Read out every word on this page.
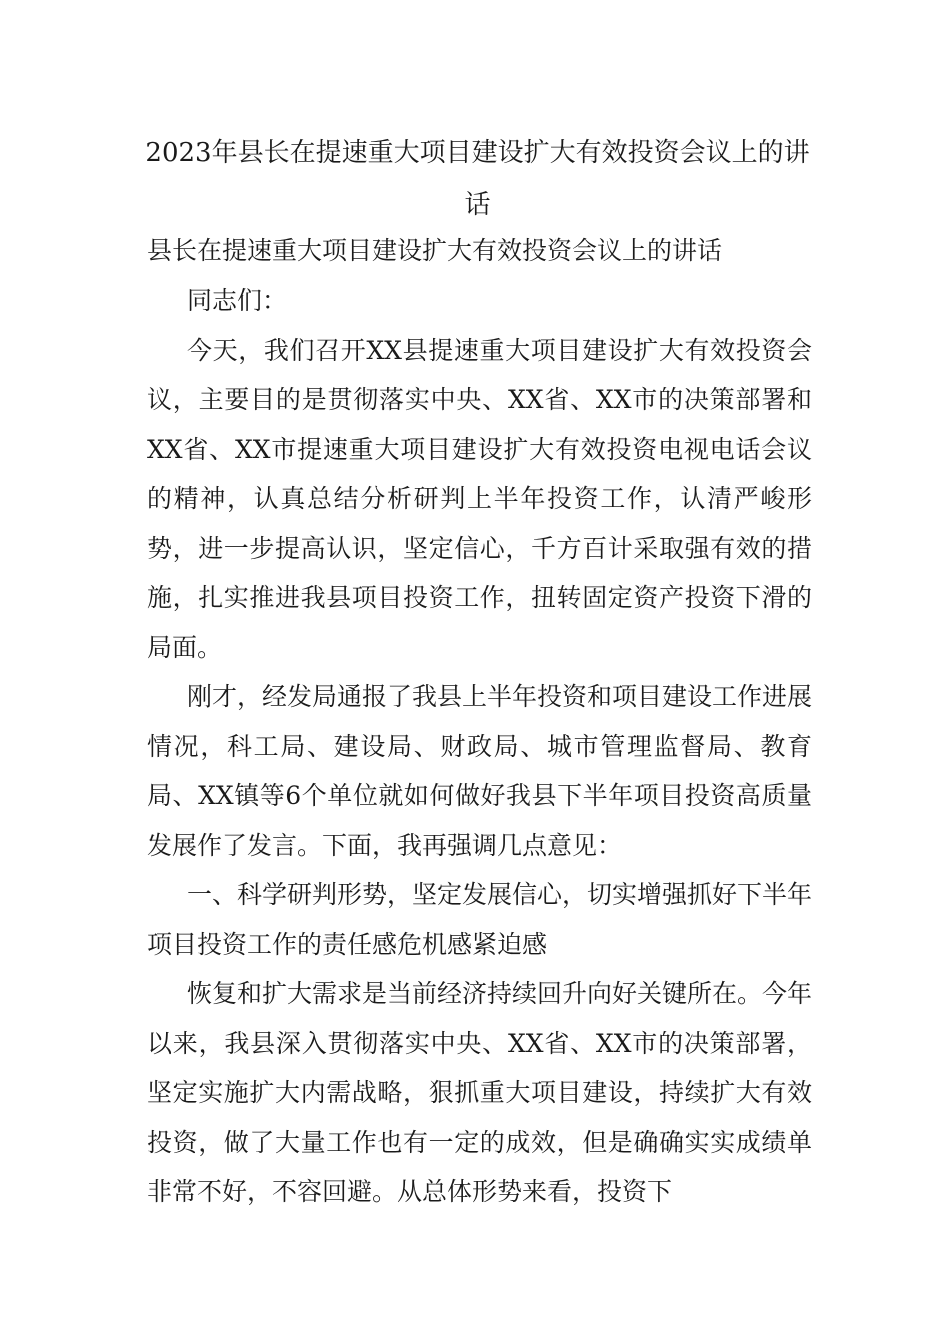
2023年县长在提速重大项目建设扩大有效投资会议上的讲话
县长在提速重大项目建设扩大有效投资会议上的讲话

同志们：

今天，我们召开XX县提速重大项目建设扩大有效投资会议，主要目的是贯彻落实中央、XX省、XX市的决策部署和XX省、XX市提速重大项目建设扩大有效投资电视电话会议的精神，认真总结分析研判上半年投资工作，认清严峻形势，进一步提高认识，坚定信心，千方百计采取强有效的措施，扎实推进我县项目投资工作，扭转固定资产投资下滑的局面。

刚才，经发局通报了我县上半年投资和项目建设工作进展情况，科工局、建设局、财政局、城市管理监督局、教育局、XX镇等6个单位就如何做好我县下半年项目投资高质量发展作了发言。下面，我再强调几点意见：

一、科学研判形势，坚定发展信心，切实增强抓好下半年项目投资工作的责任感危机感紧迫感

恢复和扩大需求是当前经济持续回升向好关键所在。今年以来，我县深入贯彻落实中央、XX省、XX市的决策部署，坚定实施扩大内需战略，狠抓重大项目建设，持续扩大有效投资，做了大量工作也有一定的成效，但是确确实实成绩单非常不好，不容回避。从总体形势来看，投资下
